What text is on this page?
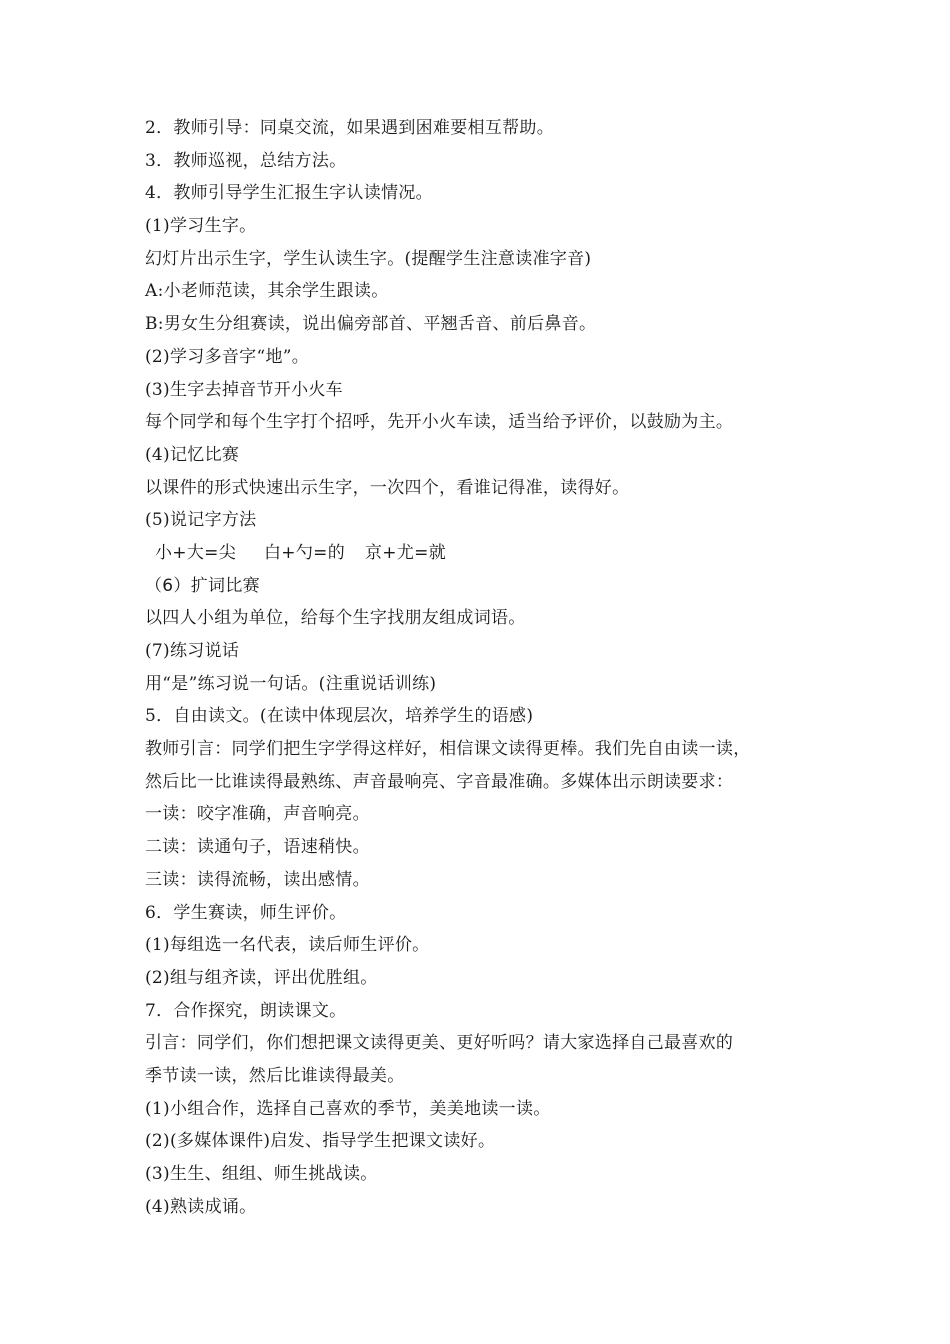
2．教师引导：同桌交流，如果遇到困难要相互帮助。
3．教师巡视，总结方法。
4．教师引导学生汇报生字认读情况。
(1)学习生字。
幻灯片出示生字，学生认读生字。(提醒学生注意读准字音)
A:小老师范读，其余学生跟读。
B:男女生分组赛读，说出偏旁部首、平翘舌音、前后鼻音。
(2)学习多音字“地”。
(3)生字去掉音节开小火车
每个同学和每个生字打个招呼，先开小火车读，适当给予评价，以鼓励为主。
(4)记忆比赛
以课件的形式快速出示生字，一次四个，看谁记得准，读得好。
(5)说记字方法
小+大=尖 白+勺=的 京+尤=就
（6）扩词比赛
以四人小组为单位，给每个生字找朋友组成词语。
(7)练习说话
用“是”练习说一句话。(注重说话训练)
5．自由读文。(在读中体现层次，培养学生的语感)
教师引言：同学们把生字学得这样好，相信课文读得更棒。我们先自由读一读，
然后比一比谁读得最熟练、声音最响亮、字音最准确。多媒体出示朗读要求：
一读：咬字准确，声音响亮。
二读：读通句子，语速稍快。
三读：读得流畅，读出感情。
6．学生赛读，师生评价。
(1)每组选一名代表，读后师生评价。
(2)组与组齐读，评出优胜组。
7．合作探究，朗读课文。
引言：同学们，你们想把课文读得更美、更好听吗？请大家选择自己最喜欢的
季节读一读，然后比谁读得最美。
(1)小组合作，选择自己喜欢的季节，美美地读一读。
(2)(多媒体课件)启发、指导学生把课文读好。
(3)生生、组组、师生挑战读。
(4)熟读成诵。
